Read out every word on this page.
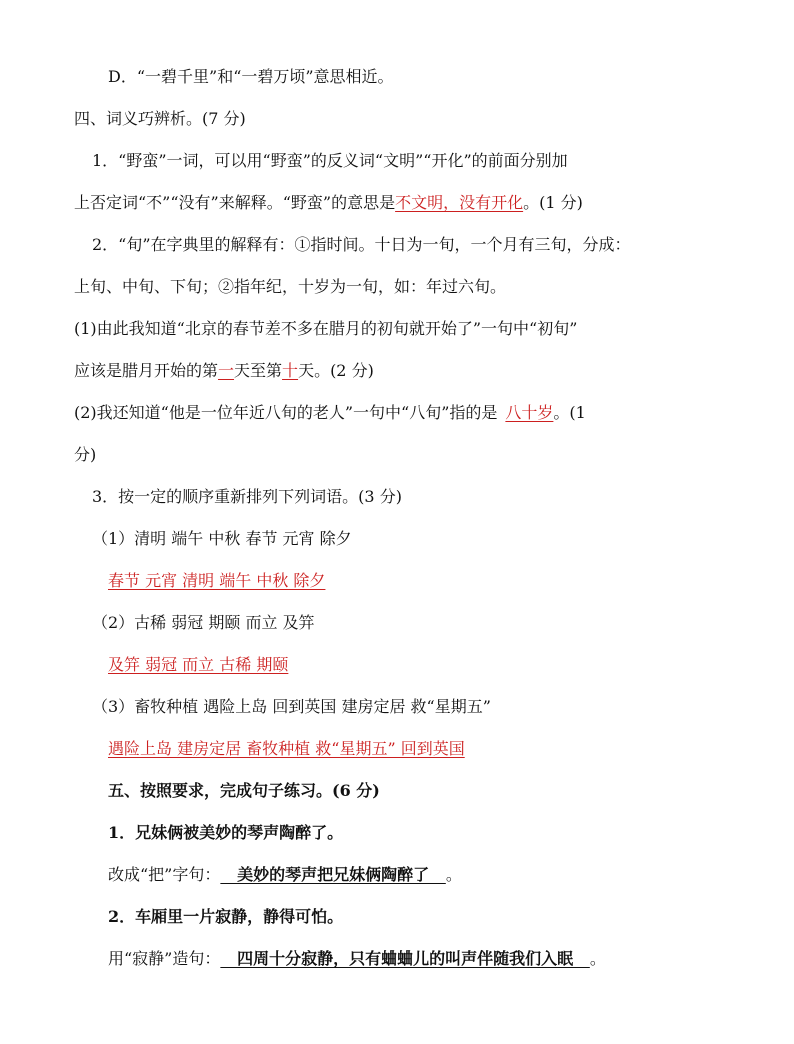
D．“一碧千里”和“一碧万顷”意思相近。
四、词义巧辨析。(7 分)
1．“野蛮”一词，可以用“野蛮”的反义词“文明”“开化”的前面分别加
上否定词“不”“没有”来解释。“野蛮”的意思是不文明，没有开化。(1 分)
2．“旬”在字典里的解释有：①指时间。十日为一旬，一个月有三旬，分成：
上旬、中旬、下旬；②指年纪，十岁为一旬，如：年过六旬。
(1)由此我知道“北京的春节差不多在腊月的初旬就开始了”一句中“初旬”
应该是腊月开始的第一天至第十天。(2 分)
(2)我还知道“他是一位年近八旬的老人”一句中“八旬”指的是 八十岁。(1
分)
3．按一定的顺序重新排列下列词语。(3 分)
（1）清明 端午 中秋 春节 元宵 除夕
春节 元宵 清明 端午 中秋 除夕
（2）古稀 弱冠 期颐 而立 及笄
及笄 弱冠 而立 古稀 期颐
（3）畜牧种植 遇险上岛 回到英国 建房定居 救“星期五”
遇险上岛 建房定居 畜牧种植 救“星期五” 回到英国
五、按照要求，完成句子练习。(6 分)
1．兄妹俩被美妙的琴声陶醉了。
改成“把”字句：   美妙的琴声把兄妹俩陶醉了   。
2．车厢里一片寂静，静得可怕。
用“寂静”造句：   四周十分寂静，只有蛐蛐儿的叫声伴随我们入眠   。
